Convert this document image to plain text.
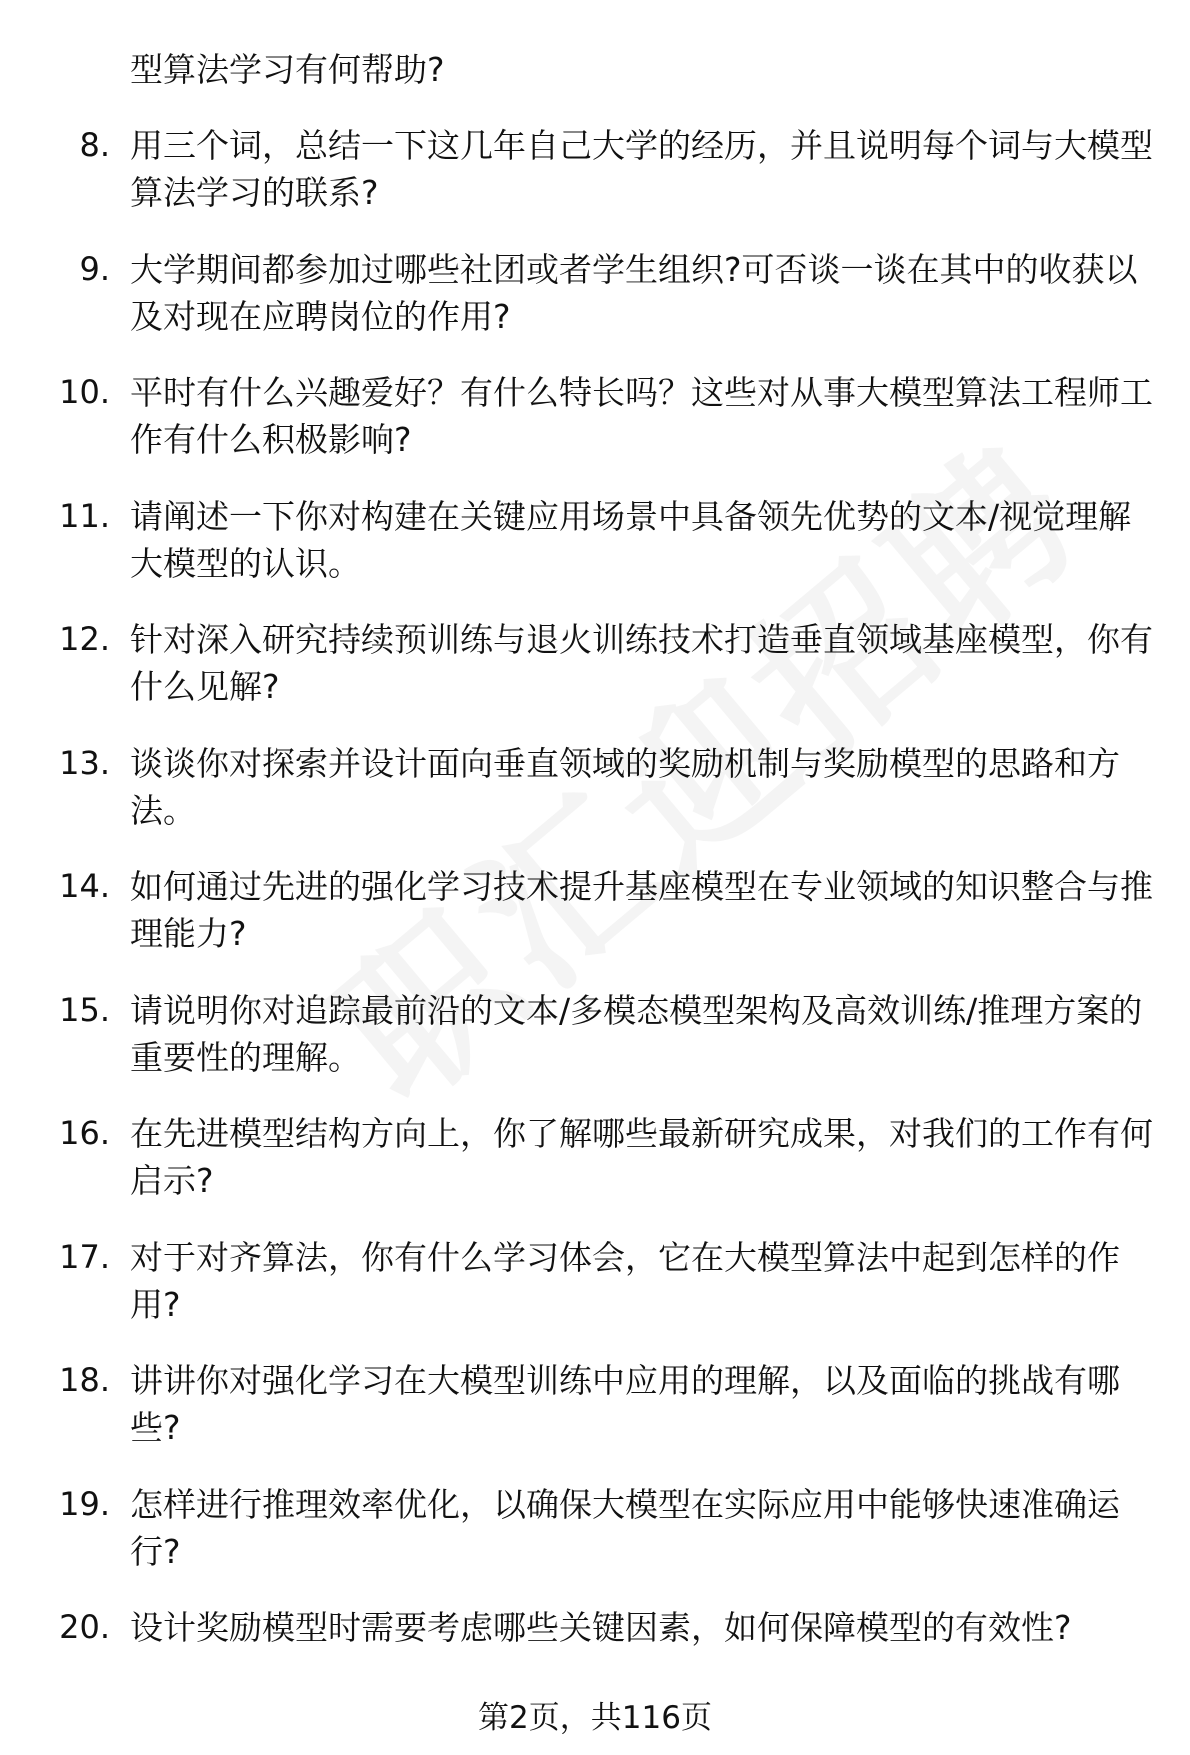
型算法学习有何帮助?
8. 用三个词，总结一下这几年自己大学的经历，并且说明每个词与大模型算法学习的联系?
9. 大学期间都参加过哪些社团或者学生组织?可否谈一谈在其中的收获以及对现在应聘岗位的作用?
10. 平时有什么兴趣爱好？有什么特长吗？这些对从事大模型算法工程师工作有什么积极影响?
11. 请阐述一下你对构建在关键应用场景中具备领先优势的文本/视觉理解大模型的认识。
12. 针对深入研究持续预训练与退火训练技术打造垂直领域基座模型，你有什么见解?
13. 谈谈你对探索并设计面向垂直领域的奖励机制与奖励模型的思路和方法。
14. 如何通过先进的强化学习技术提升基座模型在专业领域的知识整合与推理能力?
15. 请说明你对追踪最前沿的文本/多模态模型架构及高效训练/推理方案的重要性的理解。
16. 在先进模型结构方向上，你了解哪些最新研究成果，对我们的工作有何启示?
17. 对于对齐算法，你有什么学习体会，它在大模型算法中起到怎样的作用?
18. 讲讲你对强化学习在大模型训练中应用的理解，以及面临的挑战有哪些?
19. 怎样进行推理效率优化，以确保大模型在实际应用中能够快速准确运行?
20. 设计奖励模型时需要考虑哪些关键因素，如何保障模型的有效性?
第2页，共116页
